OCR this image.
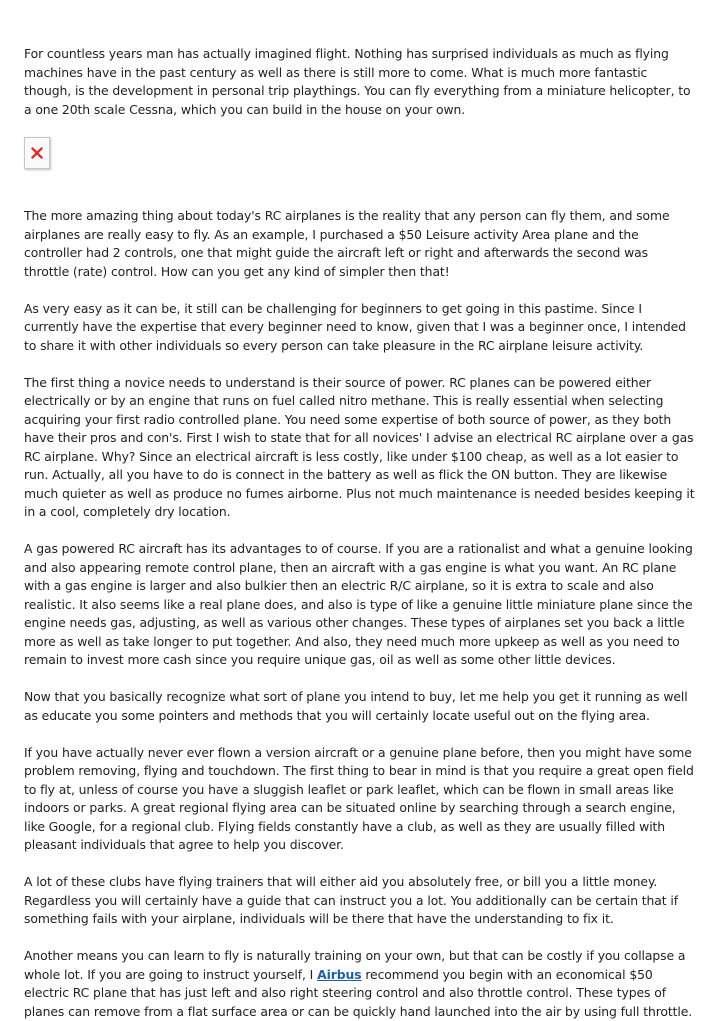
For countless years man has actually imagined flight. Nothing has surprised individuals as much as flying machines have in the past century as well as there is still more to come. What is much more fantastic though, is the development in personal trip playthings. You can fly everything from a miniature helicopter, to a one 20th scale Cessna, which you can build in the house on your own.

The more amazing thing about today's RC airplanes is the reality that any person can fly them, and some airplanes are really easy to fly. As an example, I purchased a $50 Leisure activity Area plane and the controller had 2 controls, one that might guide the aircraft left or right and afterwards the second was throttle (rate) control. How can you get any kind of simpler then that!

As very easy as it can be, it still can be challenging for beginners to get going in this pastime. Since I currently have the expertise that every beginner need to know, given that I was a beginner once, I intended to share it with other individuals so every person can take pleasure in the RC airplane leisure activity.

The first thing a novice needs to understand is their source of power. RC planes can be powered either electrically or by an engine that runs on fuel called nitro methane. This is really essential when selecting acquiring your first radio controlled plane. You need some expertise of both source of power, as they both have their pros and con's. First I wish to state that for all novices' I advise an electrical RC airplane over a gas RC airplane. Why? Since an electrical aircraft is less costly, like under $100 cheap, as well as a lot easier to run. Actually, all you have to do is connect in the battery as well as flick the ON button. They are likewise much quieter as well as produce no fumes airborne. Plus not much maintenance is needed besides keeping it in a cool, completely dry location.

A gas powered RC aircraft has its advantages to of course. If you are a rationalist and what a genuine looking and also appearing remote control plane, then an aircraft with a gas engine is what you want. An RC plane with a gas engine is larger and also bulkier then an electric R/C airplane, so it is extra to scale and also realistic. It also seems like a real plane does, and also is type of like a genuine little miniature plane since the engine needs gas, adjusting, as well as various other changes. These types of airplanes set you back a little more as well as take longer to put together. And also, they need much more upkeep as well as you need to remain to invest more cash since you require unique gas, oil as well as some other little devices.

Now that you basically recognize what sort of plane you intend to buy, let me help you get it running as well as educate you some pointers and methods that you will certainly locate useful out on the flying area.

If you have actually never ever flown a version aircraft or a genuine plane before, then you might have some problem removing, flying and touchdown. The first thing to bear in mind is that you require a great open field to fly at, unless of course you have a sluggish leaflet or park leaflet, which can be flown in small areas like indoors or parks. A great regional flying area can be situated online by searching through a search engine, like Google, for a regional club. Flying fields constantly have a club, as well as they are usually filled with pleasant individuals that agree to help you discover.

A lot of these clubs have flying trainers that will either aid you absolutely free, or bill you a little money. Regardless you will certainly have a guide that can instruct you a lot. You additionally can be certain that if something fails with your airplane, individuals will be there that have the understanding to fix it.

Another means you can learn to fly is naturally training on your own, but that can be costly if you collapse a whole lot. If you are going to instruct yourself, I Airbus recommend you begin with an economical $50 electric RC plane that has just left and also right steering control and also throttle control. These types of planes can remove from a flat surface area or can be quickly hand launched into the air by using full throttle.
